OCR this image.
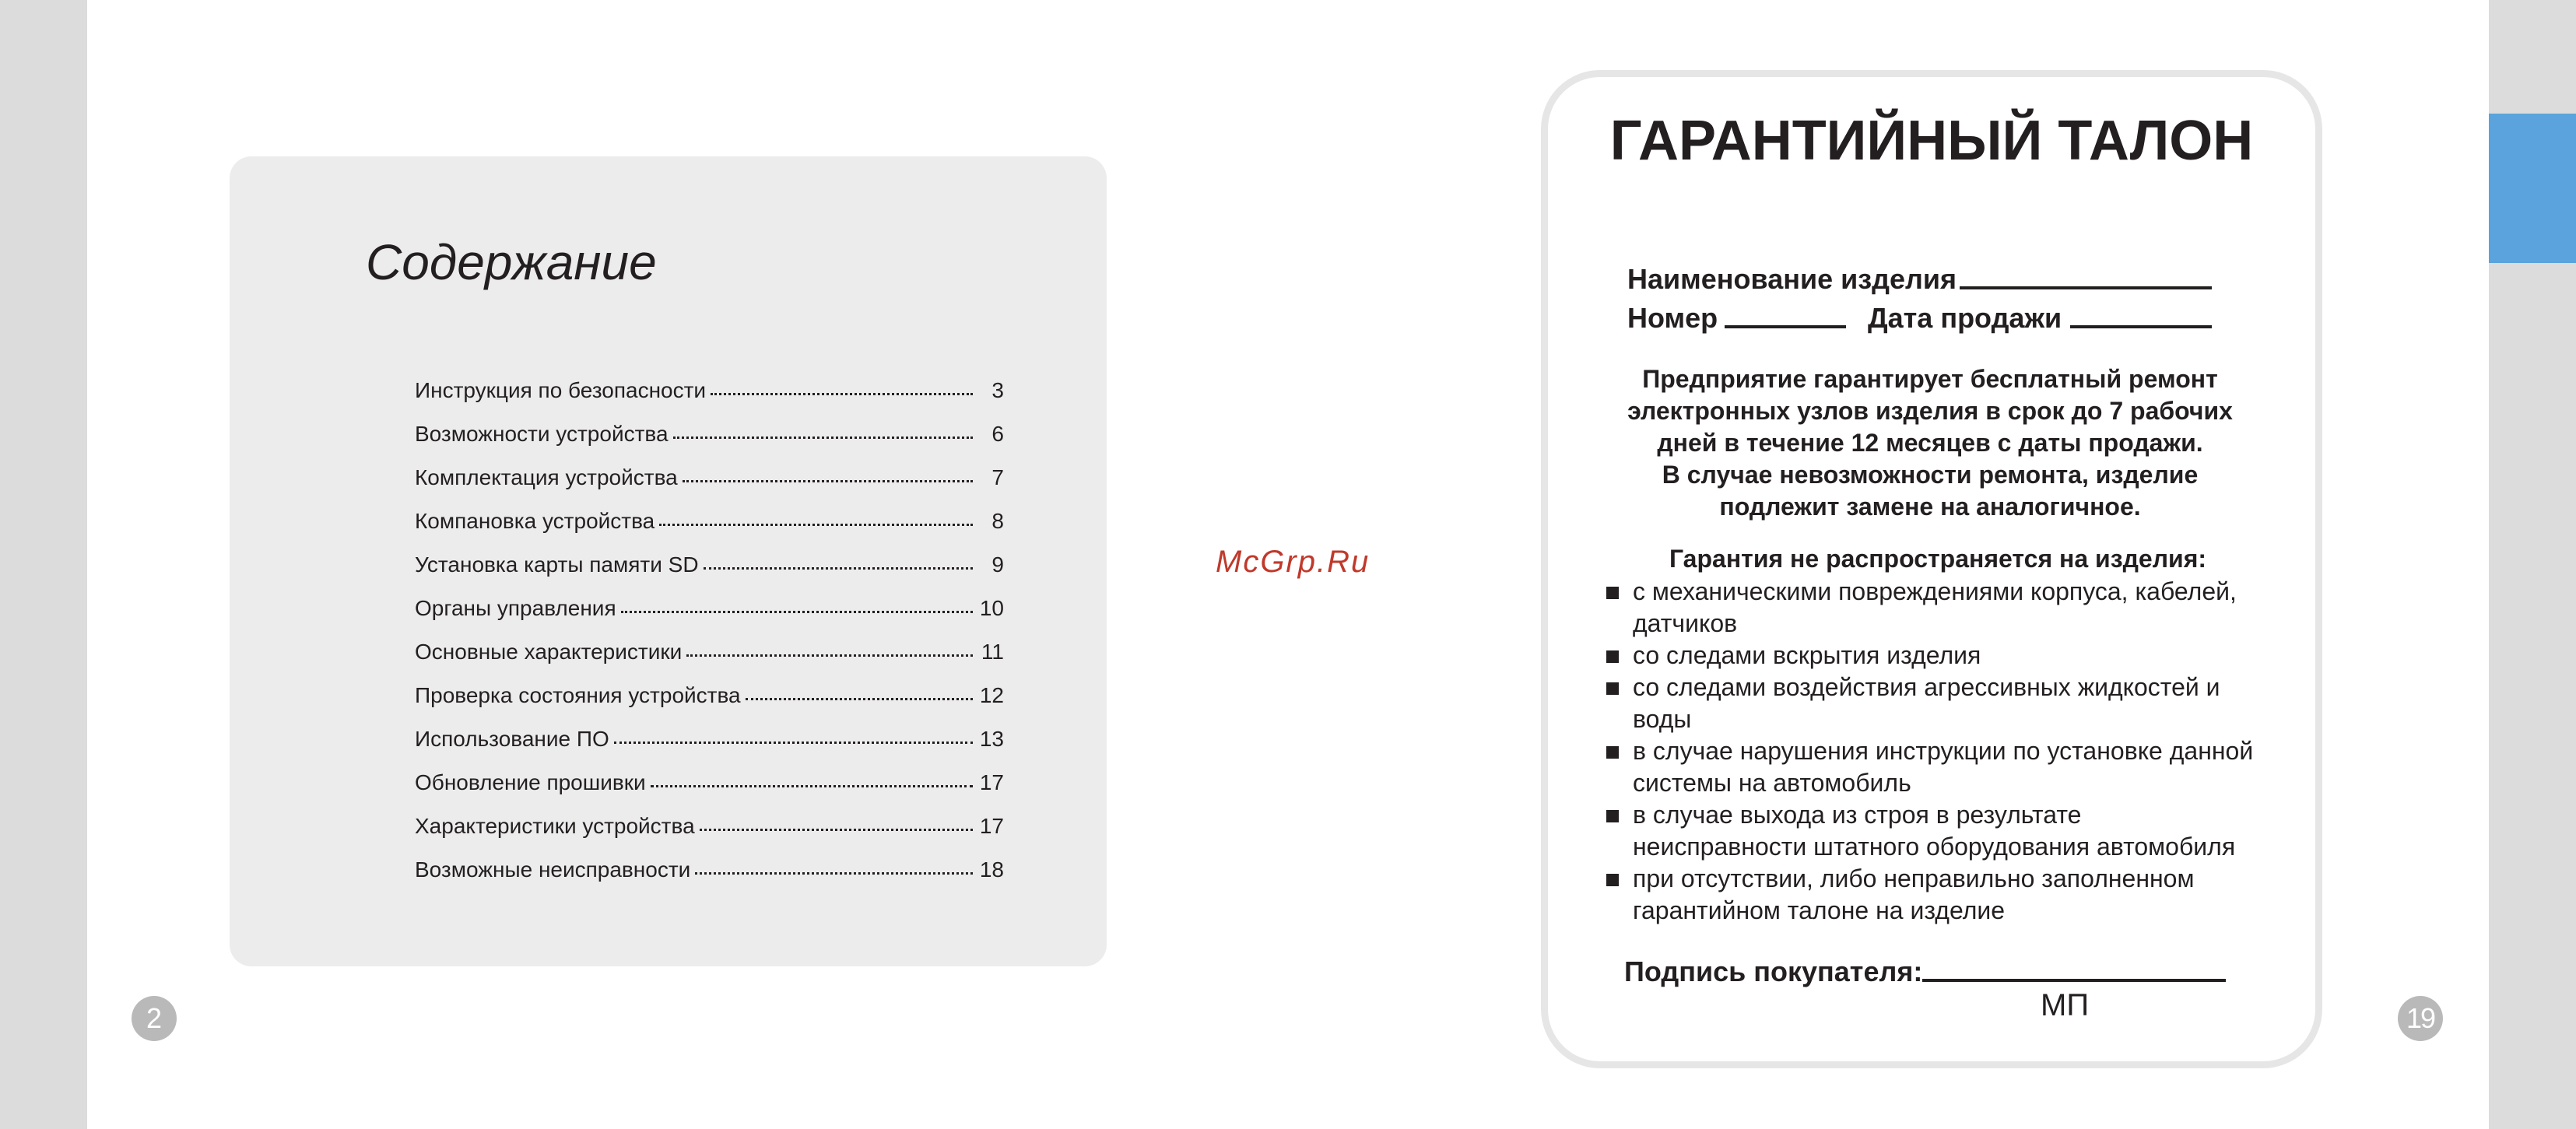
Содержание
Инструкция по безопасности	3
Возможности устройства	6
Комплектация устройства	7
Компановка устройства	8
Установка карты памяти SD	9
Органы управления	10
Основные характеристики	11
Проверка состояния устройства	12
Использование ПО	13
Обновление прошивки	17
Характеристики устройства	17
Возможные неисправности	18
2
McGrp.Ru
ГАРАНТИЙНЫЙ ТАЛОН
Наименование изделия
Номер	Дата продажи

Предприятие гарантирует бесплатный ремонт
электронных узлов изделия в срок до 7 рабочих
дней в течение 12 месяцев с даты продажи.
В случае невозможности ремонта, изделие
подлежит замене на аналогичное.

Гарантия не распространяется на изделия:

с механическими повреждениями корпуса, кабелей, датчиков
со следами вскрытия изделия
со следами воздействия агрессивных жидкостей и воды
в случае нарушения инструкции по установке данной системы на автомобиль
в случае выхода из строя в результате неисправности штатного оборудования автомобиля
при отсутствии, либо неправильно заполненном гарантийном талоне на изделие
Подпись покупателя:
МП	19
